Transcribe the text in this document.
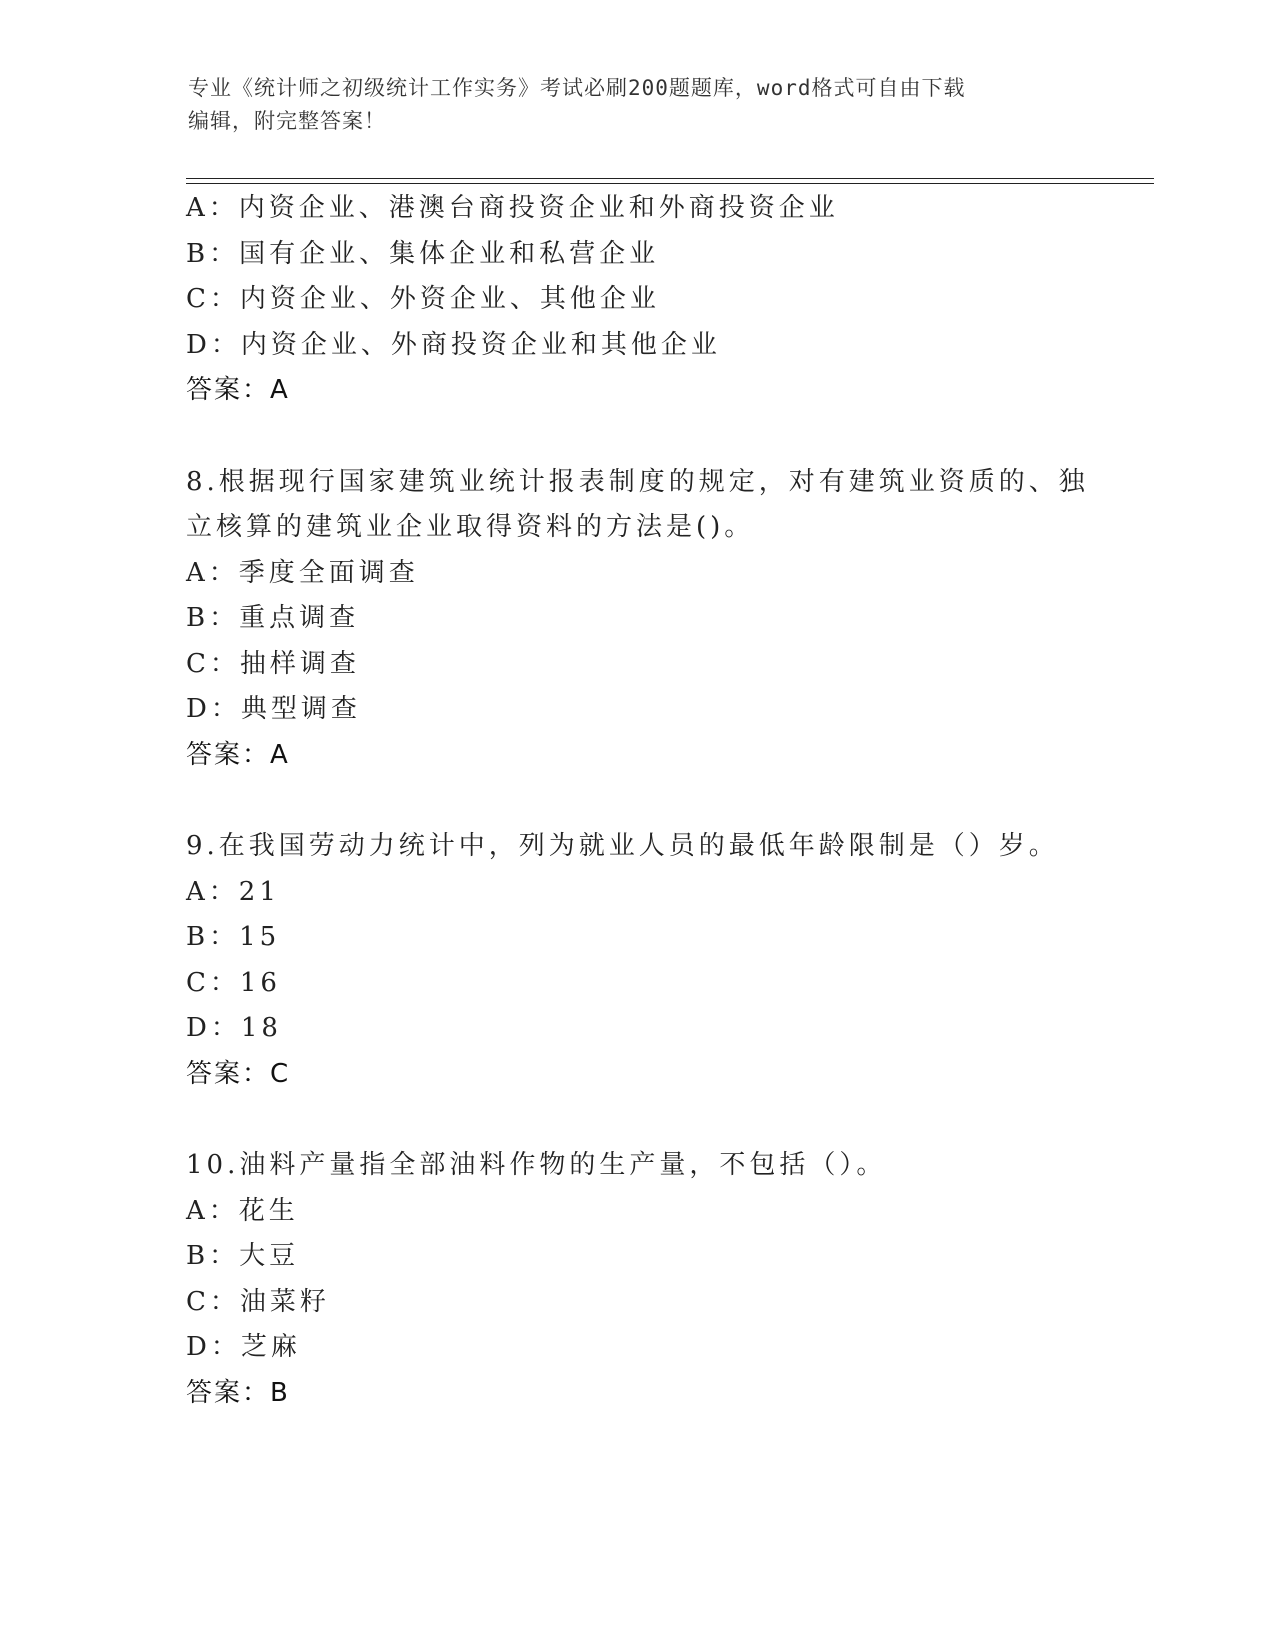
专业《统计师之初级统计工作实务》考试必刷200题题库，word格式可自由下载
编辑，附完整答案！
A：内资企业、港澳台商投资企业和外商投资企业
B：国有企业、集体企业和私营企业
C：内资企业、外资企业、其他企业
D：内资企业、外商投资企业和其他企业
答案：A
8.根据现行国家建筑业统计报表制度的规定，对有建筑业资质的、独
立核算的建筑业企业取得资料的方法是()。
A：季度全面调查
B：重点调查
C：抽样调查
D：典型调查
答案：A
9.在我国劳动力统计中，列为就业人员的最低年龄限制是（）岁。
A：21
B：15
C：16
D：18
答案：C
10.油料产量指全部油料作物的生产量，不包括（）。
A：花生
B：大豆
C：油菜籽
D：芝麻
答案：B
